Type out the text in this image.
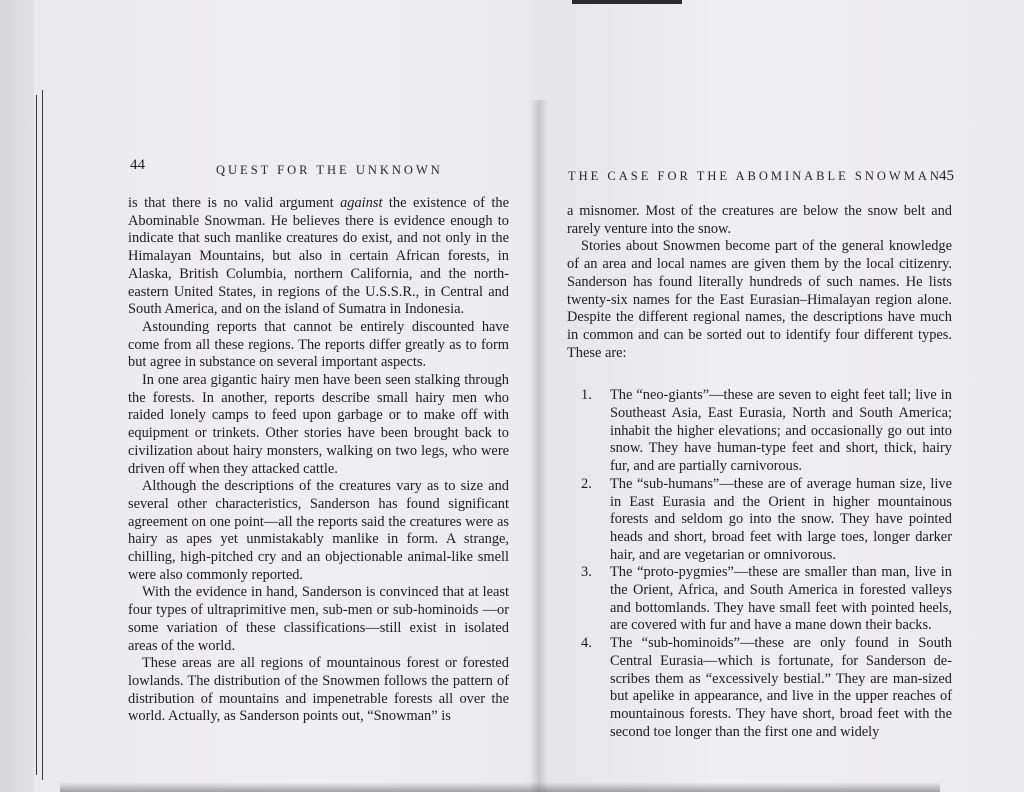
44	QUEST FOR THE UNKNOWN

is that there is no valid argument against the existence of the Abominable Snowman. He believes there is evidence enough to indicate that such manlike creatures do exist, and not only in the Himalayan Mountains, but also in certain African forests, in Alaska, British Columbia, northern California, and the northeastern United States, in regions of the U.S.S.R., in Central and South America, and on the island of Sumatra in Indonesia.

Astounding reports that cannot be entirely discounted have come from all these regions. The reports differ greatly as to form but agree in substance on several important aspects.

In one area gigantic hairy men have been seen stalking through the forests. In another, reports describe small hairy men who raided lonely camps to feed upon garbage or to make off with equipment or trinkets. Other stories have been brought back to civilization about hairy monsters, walking on two legs, who were driven off when they attacked cattle.

Although the descriptions of the creatures vary as to size and several other characteristics, Sanderson has found significant agreement on one point—all the reports said the creatures were as hairy as apes yet unmistakably manlike in form. A strange, chilling, high-pitched cry and an objectionable animal-like smell were also commonly reported.

With the evidence in hand, Sanderson is convinced that at least four types of ultraprimitive men, sub-men or sub-hominoids —or some variation of these classifications—still exist in isolated areas of the world.

These areas are all regions of mountainous forest or forested lowlands. The distribution of the Snowmen follows the pattern of distribution of mountains and impenetrable forests all over the world. Actually, as Sanderson points out, “Snowman” is

THE CASE FOR THE ABOMINABLE SNOWMAN
45

a misnomer. Most of the creatures are below the snow belt and rarely venture into the snow.

Stories about Snowmen become part of the general knowledge of an area and local names are given them by the local citizenry. Sanderson has found literally hundreds of such names. He lists twenty-six names for the East Eurasian–Himalayan region alone. Despite the different regional names, the descriptions have much in common and can be sorted out to identify four different types. These are:

1. The “neo-giants”—these are seven to eight feet tall; live in Southeast Asia, East Eurasia, North and South America; inhabit the higher elevations; and occasionally go out into snow. They have human-type feet and short, thick, hairy fur, and are partially carnivorous.
2. The “sub-humans”—these are of average human size, live in East Eurasia and the Orient in higher mountainous forests and seldom go into the snow. They have pointed heads and short, broad feet with large toes, longer darker hair, and are vegetarian or omnivorous.
3. The “proto-pygmies”—these are smaller than man, live in the Orient, Africa, and South America in forested valleys and bottomlands. They have small feet with pointed heels, are covered with fur and have a mane down their backs.
4. The “sub-hominoids”—these are only found in South Central Eurasia—which is fortunate, for Sanderson describes them as “excessively bestial.” They are man-sized but apelike in appearance, and live in the upper reaches of mountainous forests. They have short, broad feet with the second toe longer than the first one and widely
